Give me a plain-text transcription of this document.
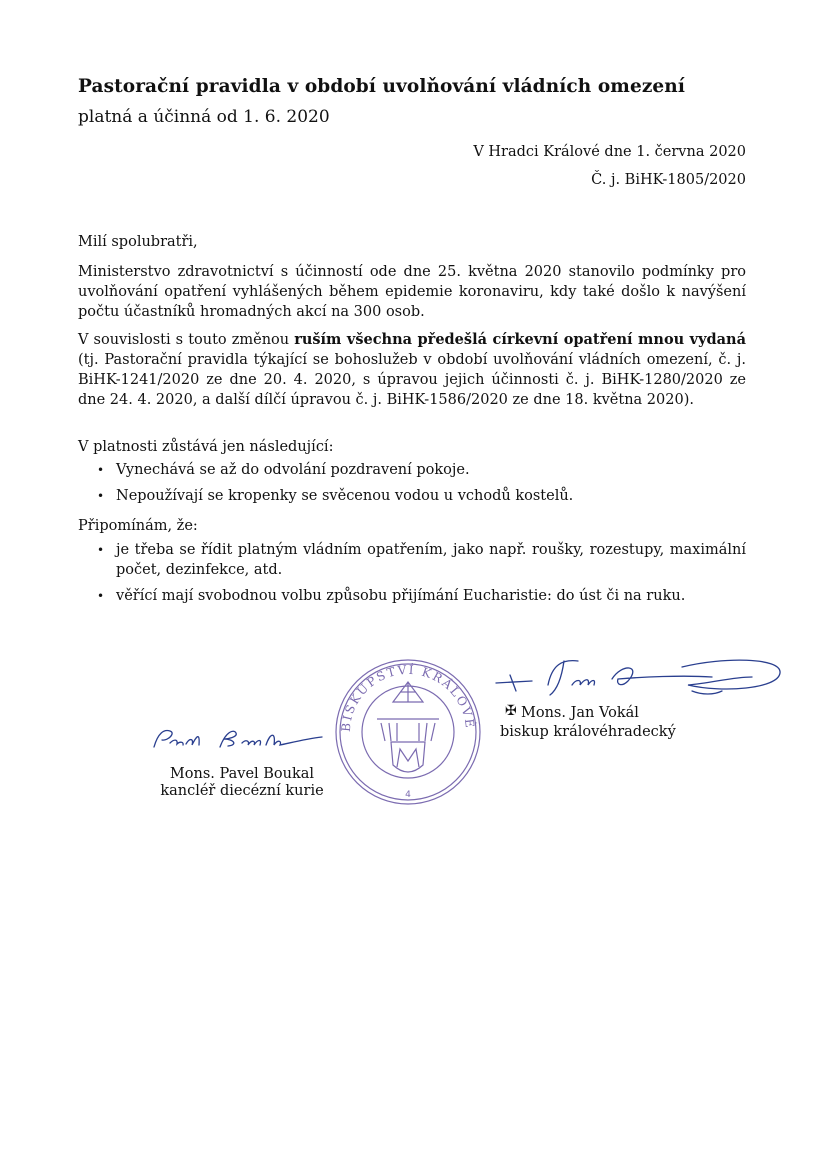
Pastorační pravidla v období uvolňování vládních omezení

platná a účinná od 1. 6. 2020

V Hradci Králové dne 1. června 2020

Č. j. BiHK-1805/2020

Milí spolubratři,

Ministerstvo zdravotnictví s účinností ode dne 25. května 2020 stanovilo podmínky pro uvolňování opatření vyhlášených během epidemie koronaviru, kdy také došlo k navýšení počtu účastníků hromadných akcí na 300 osob.

V souvislosti s touto změnou ruším všechna předešlá církevní opatření mnou vydaná (tj. Pastorační pravidla týkající se bohoslužeb v období uvolňování vládních omezení, č. j. BiHK-1241/2020 ze dne 20. 4. 2020, s úpravou jejich účinnosti č. j. BiHK-1280/2020 ze dne 24. 4. 2020, a další dílčí úpravou č. j. BiHK-1586/2020 ze dne 18. května 2020).

V platnosti zůstává jen následující:

• Vynechává se až do odvolání pozdravení pokoje.
• Nepoužívají se kropenky se svěcenou vodou u vchodů kostelů.

Připomínám, že:

• je třeba se řídit platným vládním opatřením, jako např. roušky, rozestupy, maximální počet, dezinfekce, atd.
• věřící mají svobodnou volbu způsobu přijímání Eucharistie: do úst či na ruku.
Mons. Pavel Boukal
kancléř diecézní kurie
BISKUPSTVÍ KRÁLOVÉHRADECKÉ
4
✠ Mons. Jan Vokál
biskup královéhradecký
